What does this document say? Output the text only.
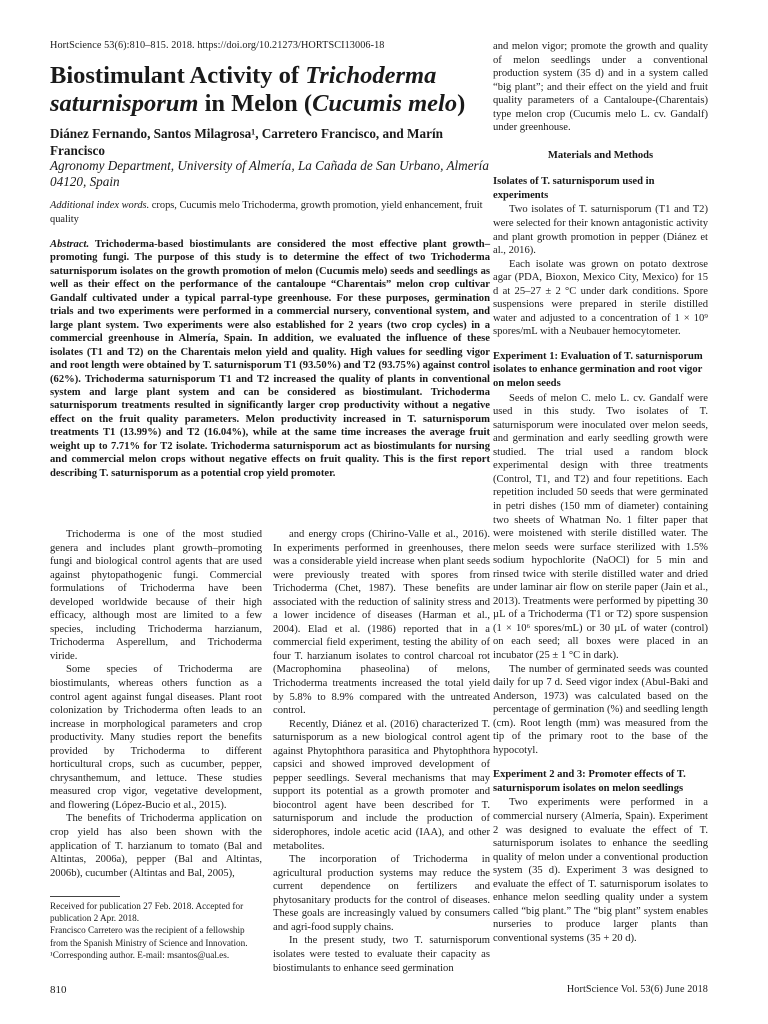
HortScience 53(6):810–815. 2018. https://doi.org/10.21273/HORTSCI13006-18
Biostimulant Activity of Trichoderma saturnisporum in Melon (Cucumis melo)
Diánez Fernando, Santos Milagrosa¹, Carretero Francisco, and Marín Francisco
Agronomy Department, University of Almería, La Cañada de San Urbano, Almería 04120, Spain
Additional index words. crops, Cucumis melo Trichoderma, growth promotion, yield enhancement, fruit quality
Abstract. Trichoderma-based biostimulants are considered the most effective plant growth–promoting fungi. The purpose of this study is to determine the effect of two Trichoderma saturnisporum isolates on the growth promotion of melon (Cucumis melo) seeds and seedlings as well as their effect on the performance of the cantaloupe “Charentais” melon crop cultivar Gandalf cultivated under a typical parral-type greenhouse. For these purposes, germination trials and two experiments were performed in a commercial nursery, conventional system, and large plant system. Two experiments were also established for 2 years (two crop cycles) in a commercial greenhouse in Almería, Spain. In addition, we evaluated the influence of these isolates (T1 and T2) on the Charentais melon yield and quality. High values for seedling vigor and root length were obtained by T. saturnisporum T1 (93.50%) and T2 (93.75%) against control (62%). Trichoderma saturnisporum T1 and T2 increased the quality of plants in conventional system and large plant system and can be considered as biostimulant. Trichoderma saturnisporum treatments resulted in significantly larger crop productivity without a negative effect on the fruit quality parameters. Melon productivity increased in T. saturnisporum treatments T1 (13.99%) and T2 (16.04%), while at the same time increases the average fruit weight up to 7.71% for T2 isolate. Trichoderma saturnisporum act as biostimulants for nursing and commercial melon crops without negative effects on fruit quality. This is the first report describing T. saturnisporum as a potential crop yield promoter.

Trichoderma is one of the most studied genera and includes plant growth–promoting fungi and biological control agents that are used against phytopathogenic fungi. Commercial formulations of Trichoderma have been developed worldwide because of their high efficacy, although most are limited to a few species, including Trichoderma harzianum, Trichoderma Asperellum, and Trichoderma viride.

Some species of Trichoderma are biostimulants, whereas others function as a control agent against fungal diseases. Plant root colonization by Trichoderma often leads to an increase in morphological parameters and crop productivity. Many studies report the benefits provided by Trichoderma to different horticultural crops, such as cucumber, pepper, chrysanthemum, and lettuce. These studies measured crop vigor, vegetative development, and flowering (López-Bucio et al., 2015).

The benefits of Trichoderma application on crop yield has also been shown with the application of T. harzianum to tomato (Bal and Altintas, 2006a), pepper (Bal and Altintas, 2006b), cucumber (Altintas and Bal, 2005),

and energy crops (Chirino-Valle et al., 2016). In experiments performed in greenhouses, there was a considerable yield increase when plant seeds were previously treated with spores from Trichoderma (Chet, 1987). These benefits are associated with the reduction of salinity stress and a lower incidence of diseases (Harman et al., 2004). Elad et al. (1986) reported that in a commercial field experiment, testing the ability of four T. harzianum isolates to control charcoal rot (Macrophomina phaseolina) of melons, Trichoderma treatments increased the total yield by 5.8% to 8.9% compared with the untreated control.

Recently, Diánez et al. (2016) characterized T. saturnisporum as a new biological control agent against Phytophthora parasitica and Phytophthora capsici and showed improved development of pepper seedlings. Several mechanisms that may support its potential as a growth promoter and biocontrol agent have been described for T. saturnisporum and include the production of siderophores, indole acetic acid (IAA), and other metabolites.

The incorporation of Trichoderma in agricultural production systems may reduce the current dependence on fertilizers and phytosanitary products for the control of diseases. These goals are increasingly valued by consumers and agri-food supply chains.

In the present study, two T. saturnisporum isolates were tested to evaluate their capacity as biostimulants to enhance seed germination

and melon vigor; promote the growth and quality of melon seedlings under a conventional production system (35 d) and in a system called “big plant”; and their effect on the yield and fruit quality parameters of a Cantaloupe-(Charentais) type melon crop (Cucumis melo L. cv. Gandalf) under greenhouse.

Materials and Methods

Isolates of T. saturnisporum used in experiments

Two isolates of T. saturnisporum (T1 and T2) were selected for their known antagonistic activity and plant growth promotion in pepper (Diánez et al., 2016).

Each isolate was grown on potato dextrose agar (PDA, Bioxon, Mexico City, Mexico) for 15 d at 25–27 ± 2 °C under dark conditions. Spore suspensions were prepared in sterile distilled water and adjusted to a concentration of 1 × 10⁹ spores/mL with a Neubauer hemocytometer.

Experiment 1: Evaluation of T. saturnisporum isolates to enhance germination and root vigor on melon seeds

Seeds of melon C. melo L. cv. Gandalf were used in this study. Two isolates of T. saturnisporum were inoculated over melon seeds, and germination and early seedling growth were studied. The trial used a random block experimental design with three treatments (Control, T1, and T2) and four repetitions. Each repetition included 50 seeds that were germinated in petri dishes (150 mm of diameter) containing two sheets of Whatman No. 1 filter paper that were moistened with sterile distilled water. The melon seeds were surface sterilized with 1.5% sodium hypochlorite (NaOCl) for 5 min and rinsed twice with sterile distilled water and dried under laminar air flow on sterile paper (Jain et al., 2013). Treatments were performed by pipetting 30 µL of a Trichoderma (T1 or T2) spore suspension (1 × 10⁶ spores/mL) or 30 µL of water (control) on each seed; all boxes were placed in an incubator (25 ± 1 °C in dark).

The number of germinated seeds was counted daily for up 7 d. Seed vigor index (Abul-Baki and Anderson, 1973) was calculated based on the percentage of germination (%) and seedling length (cm). Root length (mm) was measured from the tip of the primary root to the base of the hypocotyl.

Experiment 2 and 3: Promoter effects of T. saturnisporum isolates on melon seedlings

Two experiments were performed in a commercial nursery (Almería, Spain). Experiment 2 was designed to evaluate the effect of T. saturnisporum isolates to enhance the seedling quality of melon under a conventional production system (35 d). Experiment 3 was designed to evaluate the effect of T. saturnisporum isolates to enhance melon seedling quality under a system called “big plant.” The “big plant” system enables nurseries to produce larger plants than conventional systems (35 + 20 d).

Received for publication 27 Feb. 2018. Accepted for publication 2 Apr. 2018.
Francisco Carretero was the recipient of a fellowship from the Spanish Ministry of Science and Innovation.
¹Corresponding author. E-mail: msantos@ual.es.
810	HortScience Vol. 53(6) June 2018
